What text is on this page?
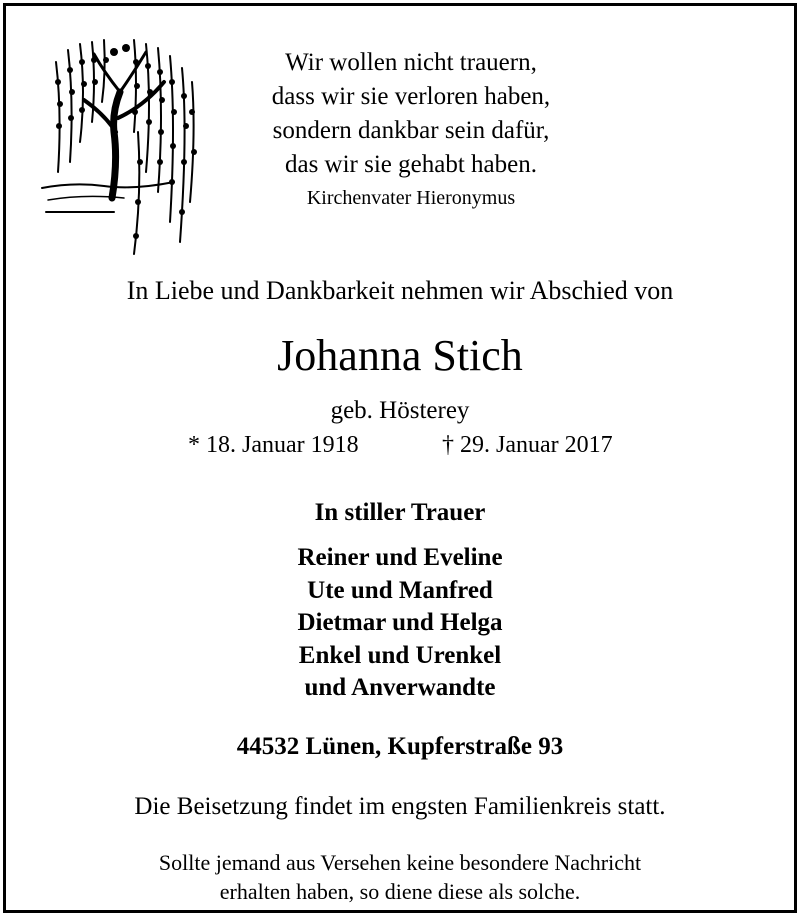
Wir wollen nicht trauern,
dass wir sie verloren haben,
sondern dankbar sein dafür,
das wir sie gehabt haben.
Kirchenvater Hieronymus
In Liebe und Dankbarkeit nehmen wir Abschied von
Johanna Stich
geb. Hösterey
* 18. Januar 1918	† 29. Januar 2017
In stiller Trauer
Reiner und Eveline
Ute und Manfred
Dietmar und Helga
Enkel und Urenkel
und Anverwandte
44532 Lünen, Kupferstraße 93
Die Beisetzung findet im engsten Familienkreis statt.
Sollte jemand aus Versehen keine besondere Nachricht
erhalten haben, so diene diese als solche.
